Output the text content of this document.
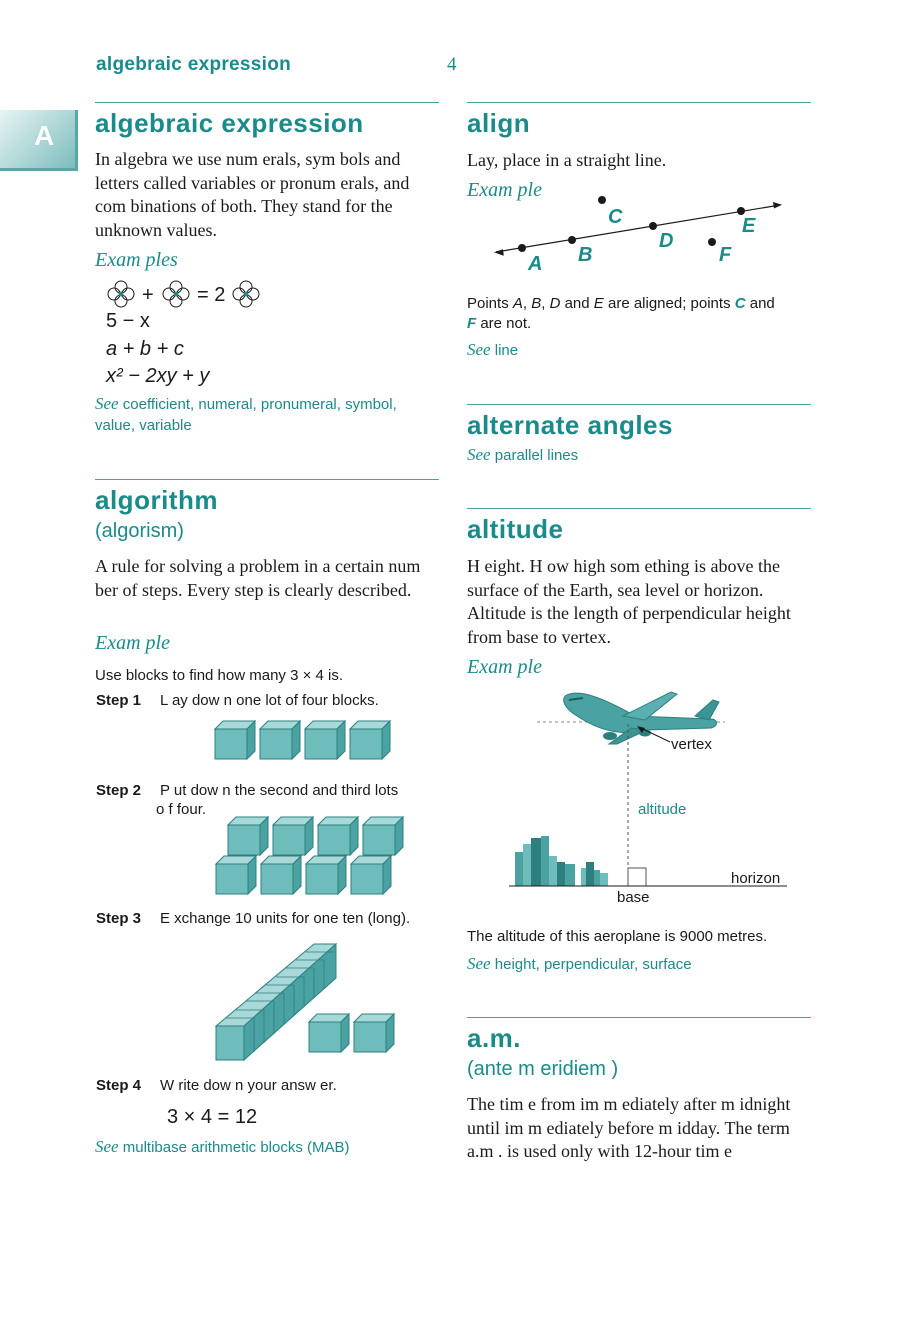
algebraic expression	4
A algebraic expression
In algebra we use num erals, sym bols and letters called variables or pronum erals, and com binations of both. They stand for the unknown values.
Exam ples
+ = 2
5 − x
a + b + c
x² − 2xy + y
See coefficient, numeral, pronumeral, symbol, value, variable
algorithm
(algorism)
A rule for solving a problem in a certain num ber of steps. Every step is clearly described.
Exam ple
Use blocks to find how many 3 × 4 is.
Step 1 L ay dow n one lot of four blocks.
Step 2 P ut dow n the second and third lots
o f four.
Step 3 E xchange 10 units for one ten (long).
Step 4 W rite dow n your answ er.
3 × 4 = 12
See multibase arithmetic blocks (MAB)
align
Lay, place in a straight line.
Exam ple
A B
C
D
E
F
Points A, B, D and E are aligned; points C and
F are not.
See line
alternate angles
See parallel lines
altitude
H eight. H ow high som ething is above the surface of the Earth, sea level or horizon. Altitude is the length of perpendicular height from base to vertex.
Exam ple
vertex
altitude
horizon
base
The altitude of this aeroplane is 9000 metres.
See height, perpendicular, surface
a.m.
(ante m eridiem )
The tim e from im m ediately after m idnight until im m ediately before m idday. The term a.m . is used only with 12-hour tim e
